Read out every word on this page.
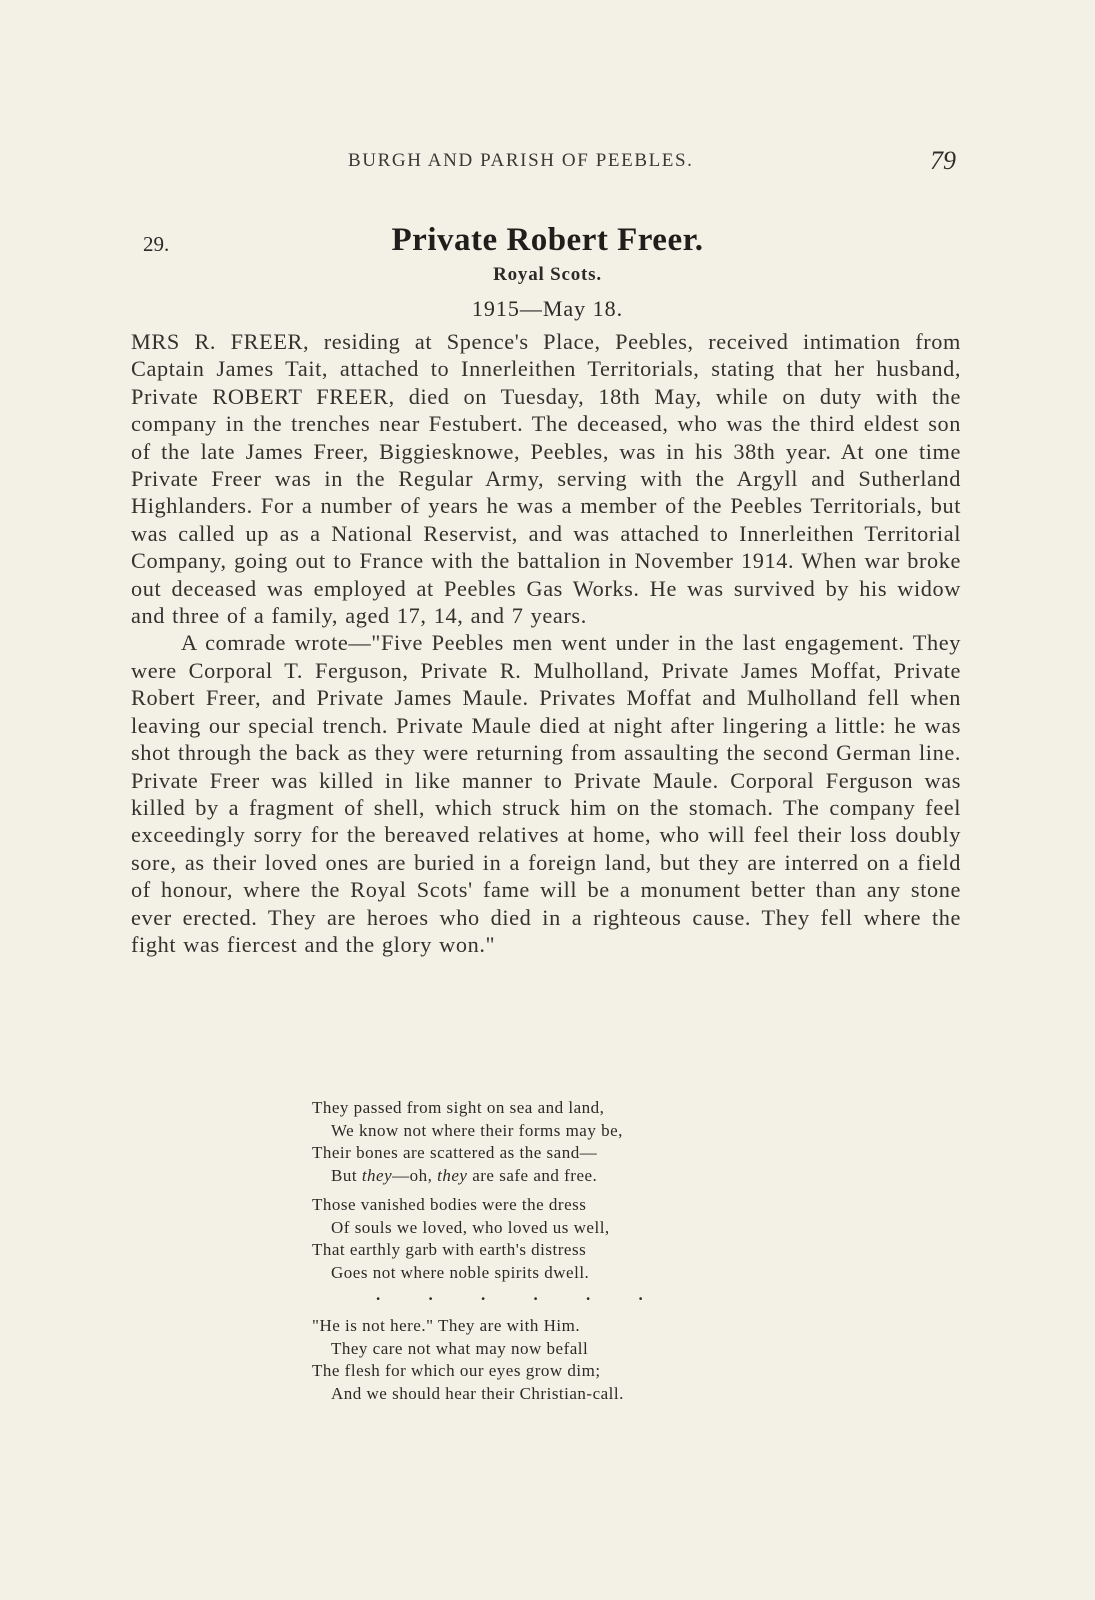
BURGH AND PARISH OF PEEBLES.	79
29.	Private Robert Freer.
Royal Scots.
1915—May 18.

MRS R. FREER, residing at Spence's Place, Peebles, received intimation from Captain James Tait, attached to Innerleithen Territorials, stating that her husband, Private ROBERT FREER, died on Tuesday, 18th May, while on duty with the company in the trenches near Festubert. The deceased, who was the third eldest son of the late James Freer, Biggiesknowe, Peebles, was in his 38th year. At one time Private Freer was in the Regular Army, serving with the Argyll and Sutherland Highlanders. For a number of years he was a member of the Peebles Territorials, but was called up as a National Reservist, and was attached to Innerleithen Territorial Company, going out to France with the battalion in November 1914. When war broke out deceased was employed at Peebles Gas Works. He was survived by his widow and three of a family, aged 17, 14, and 7 years.

A comrade wrote—"Five Peebles men went under in the last engagement. They were Corporal T. Ferguson, Private R. Mulholland, Private James Moffat, Private Robert Freer, and Private James Maule. Privates Moffat and Mulholland fell when leaving our special trench. Private Maule died at night after lingering a little: he was shot through the back as they were returning from assaulting the second German line. Private Freer was killed in like manner to Private Maule. Corporal Ferguson was killed by a fragment of shell, which struck him on the stomach. The company feel exceedingly sorry for the bereaved relatives at home, who will feel their loss doubly sore, as their loved ones are buried in a foreign land, but they are interred on a field of honour, where the Royal Scots' fame will be a monument better than any stone ever erected. They are heroes who died in a righteous cause. They fell where the fight was fiercest and the glory won."

They passed from sight on sea and land,
We know not where their forms may be,
Their bones are scattered as the sand—
But they—oh, they are safe and free.
Those vanished bodies were the dress
Of souls we loved, who loved us well,
That earthly garb with earth's distress
Goes not where noble spirits dwell.
. . . . . .
"He is not here." They are with Him.
They care not what may now befall
The flesh for which our eyes grow dim;
And we should hear their Christian-call.
